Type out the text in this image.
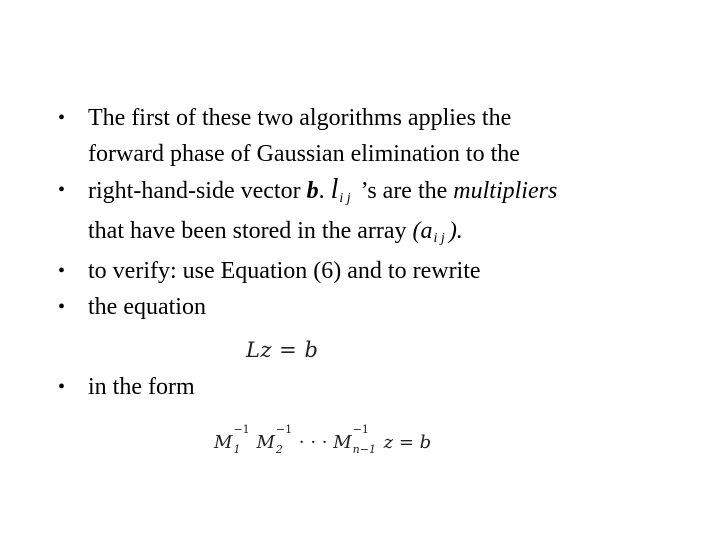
• The first of these two algorithms applies the
forward phase of Gaussian elimination to the
• right-hand-side vector b. li j ’s are the multipliers
that have been stored in the array (ai j ).
• to verify: use Equation (6) and to rewrite
• the equation
• in the form
Lz = b
M
−1
1 M
−1
2 · · · M
−1
n−1 z = b
